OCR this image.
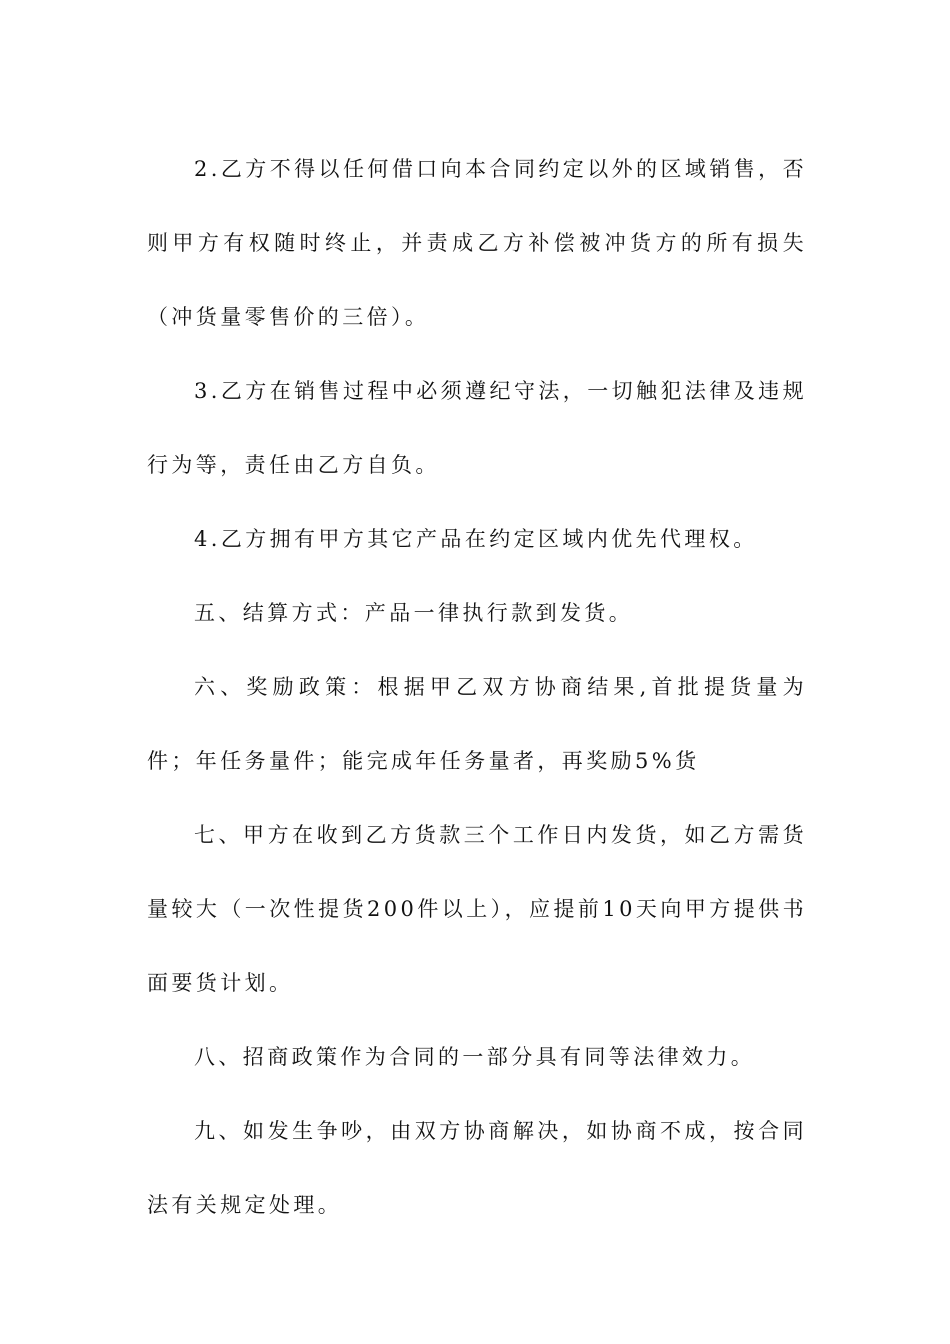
2.乙方不得以任何借口向本合同约定以外的区域销售，否则甲方有权随时终止，并责成乙方补偿被冲货方的所有损失（冲货量零售价的三倍）。

3.乙方在销售过程中必须遵纪守法，一切触犯法律及违规行为等，责任由乙方自负。

4.乙方拥有甲方其它产品在约定区域内优先代理权。

五、结算方式：产品一律执行款到发货。

六、奖励政策：根据甲乙双方协商结果,首批提货量为件；年任务量件；能完成年任务量者，再奖励5%货

七、甲方在收到乙方货款三个工作日内发货，如乙方需货量较大（一次性提货200件以上），应提前10天向甲方提供书面要货计划。

八、招商政策作为合同的一部分具有同等法律效力。

九、如发生争吵，由双方协商解决，如协商不成，按合同法有关规定处理。
